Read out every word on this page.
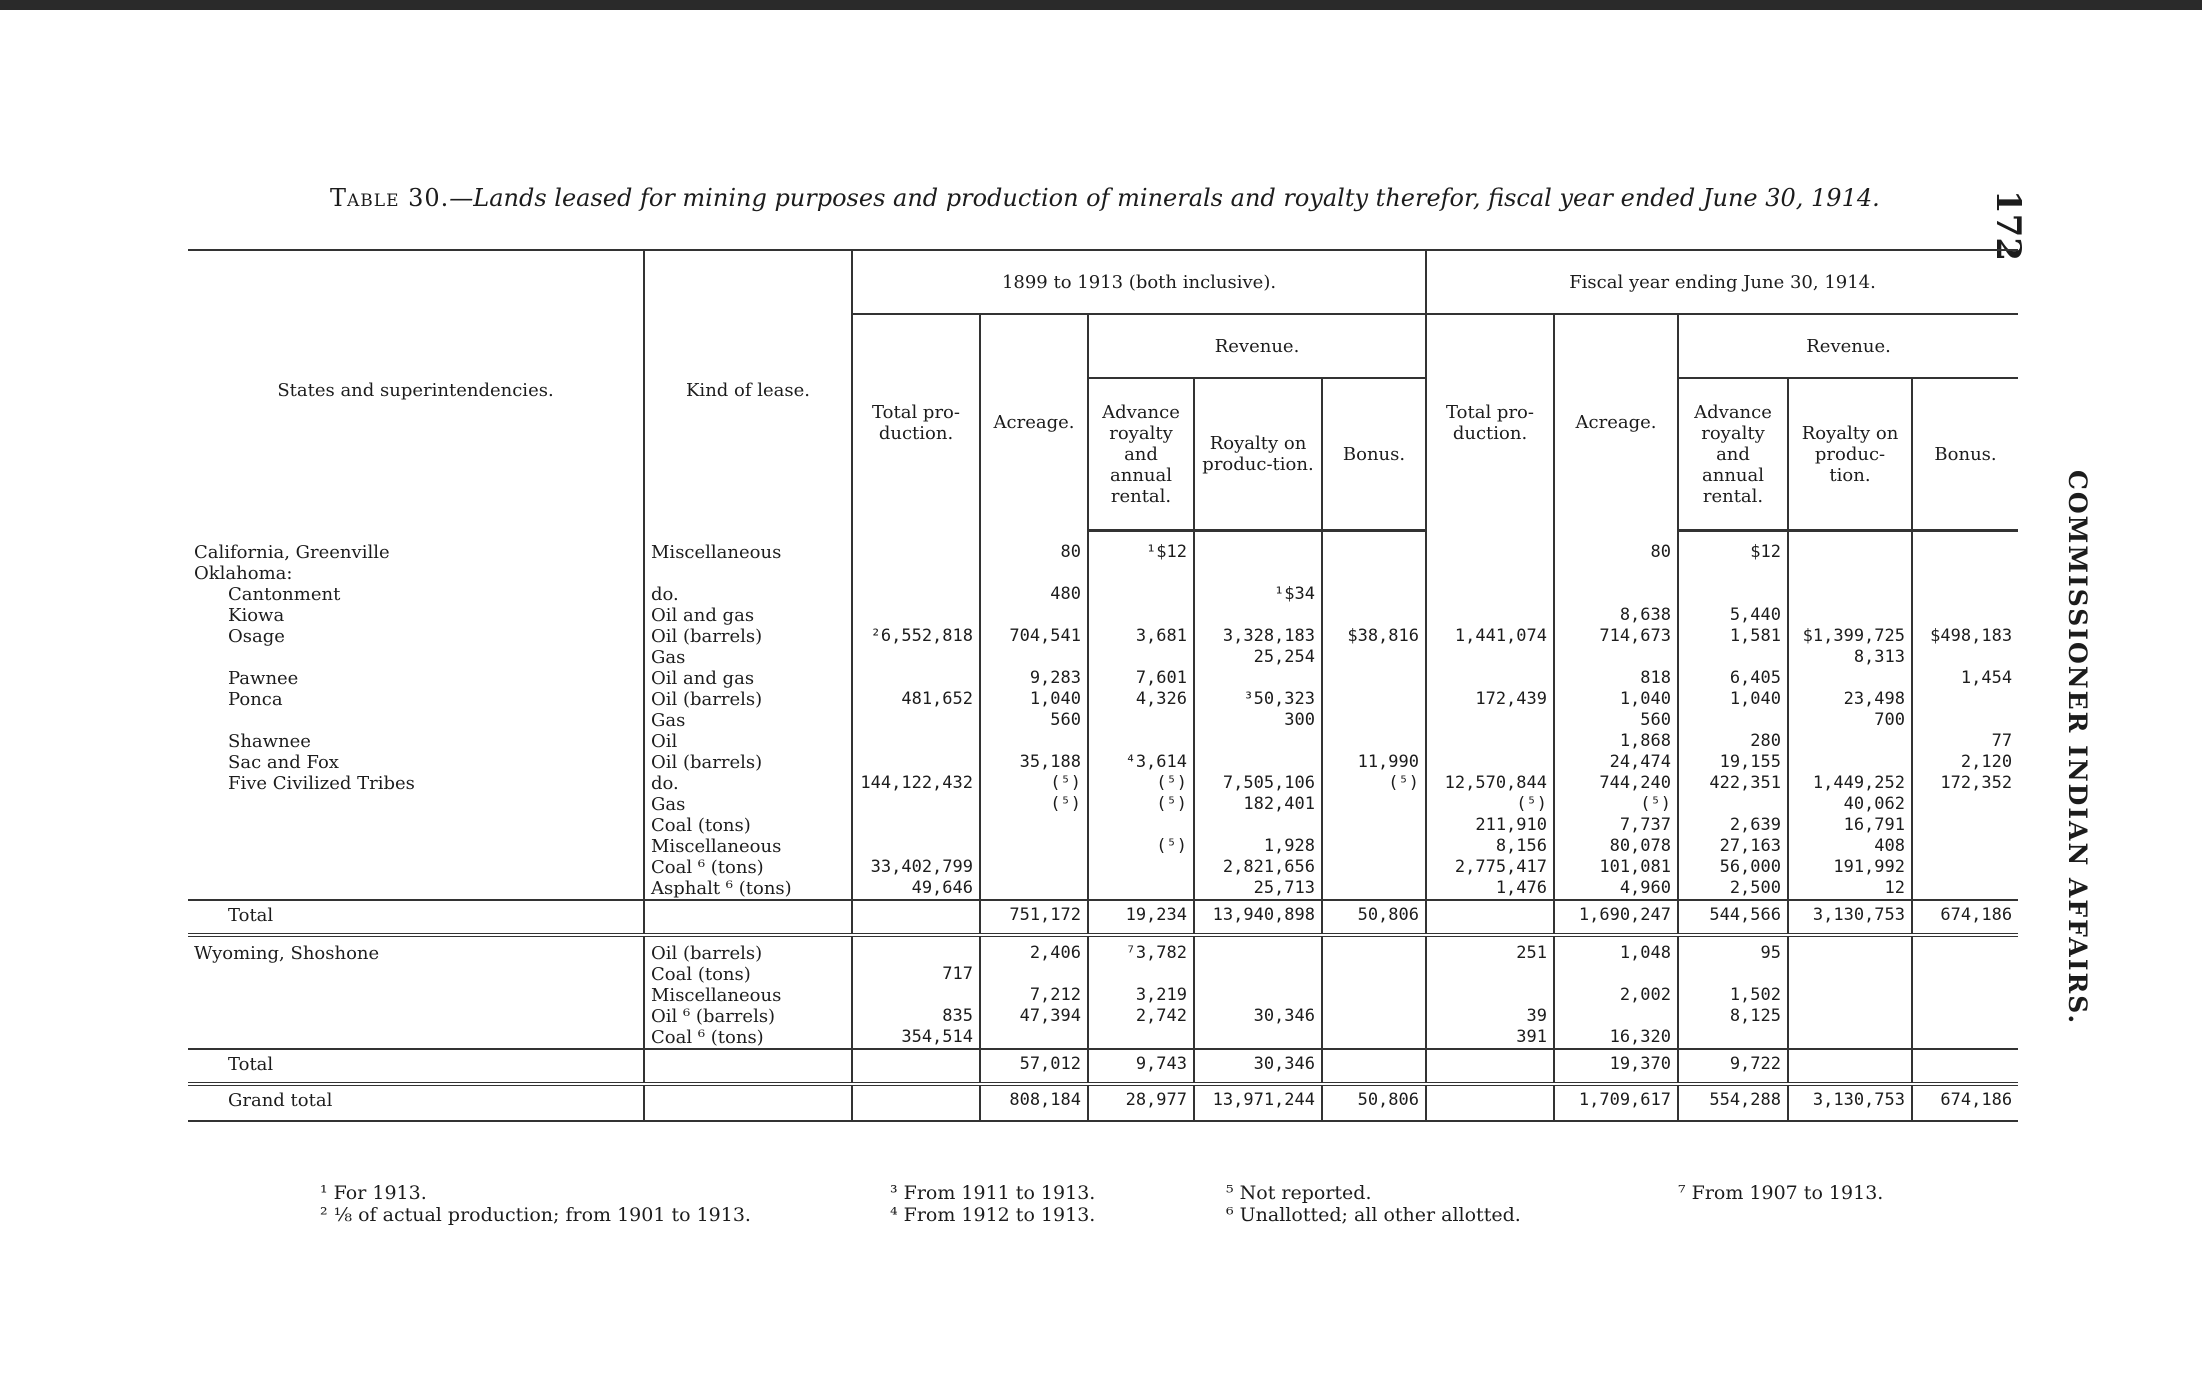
Table 30.—Lands leased for mining purposes and production of minerals and royalty therefor, fiscal year ended June 30, 1914.	172
COMMISSIONER INDIAN AFFAIRS.
States and superintendencies.	Kind of lease.	1899 to 1913 (both inclusive).					Fiscal year ending June 30, 1914.				
		Total pro-duction.	Acreage.	Revenue.			Total pro-duction.	Acreage.	Revenue.		
				Advance royalty and annual rental.	Royalty on produc-tion.	Bonus.			Advance royalty and annual rental.	Royalty on produc-tion.	Bonus.

California, Greenville	Miscellaneous		80	¹$12				80	$12		
Oklahoma:											
Cantonment	do.		480		¹$34						
Kiowa	Oil and gas							8,638	5,440		
Osage	Oil (barrels)	²6,552,818	704,541	3,681	3,328,183	$38,816	1,441,074	714,673	1,581	$1,399,725	$498,183
	Gas				25,254					8,313	
Pawnee	Oil and gas		9,283	7,601				818	6,405		1,454
Ponca	Oil (barrels)	481,652	1,040	4,326	³50,323		172,439	1,040	1,040	23,498	
	Gas		560		300			560		700	
Shawnee	Oil							1,868	280		77
Sac and Fox	Oil (barrels)		35,188	⁴3,614		11,990		24,474	19,155		2,120
Five Civilized Tribes	do.	144,122,432	(⁵)	(⁵)	7,505,106	(⁵)	12,570,844	744,240	422,351	1,449,252	172,352
	Gas		(⁵)	(⁵)	182,401		(⁵)	(⁵)		40,062	
	Coal (tons)						211,910	7,737	2,639	16,791	
	Miscellaneous			(⁵)	1,928		8,156	80,078	27,163	408	
	Coal ⁶ (tons)	33,402,799			2,821,656		2,775,417	101,081	56,000	191,992	
	Asphalt ⁶ (tons)	49,646			25,713		1,476	4,960	2,500	12	
Total			751,172	19,234	13,940,898	50,806		1,690,247	544,566	3,130,753	674,186
Wyoming, Shoshone	Oil (barrels)		2,406	⁷3,782			251	1,048	95		
	Coal (tons)	717									
	Miscellaneous		7,212	3,219				2,002	1,502		
	Oil ⁶ (barrels)	835	47,394	2,742	30,346		39		8,125		
	Coal ⁶ (tons)	354,514					391	16,320			
Total			57,012	9,743	30,346			19,370	9,722		
Grand total			808,184	28,977	13,971,244	50,806		1,709,617	554,288	3,130,753	674,186
¹ For 1913.
² ⅛ of actual production; from 1901 to 1913.
³ From 1911 to 1913.
⁴ From 1912 to 1913.
⁵ Not reported.
⁶ Unallotted; all other allotted.
⁷ From 1907 to 1913.
